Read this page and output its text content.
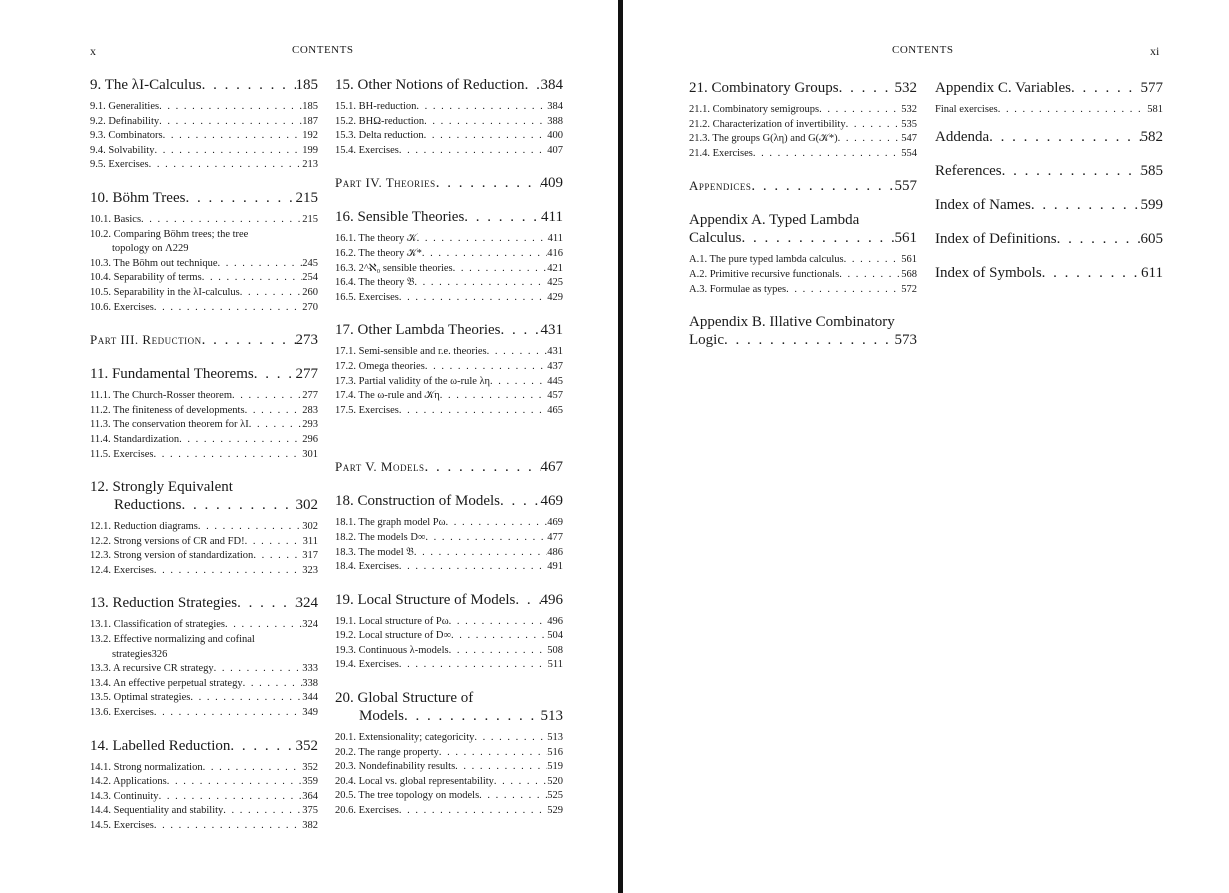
x	CONTENTS
9. The λI-Calculus . . .	185
9.1. Generalities . . .	185
9.2. Definability . . .	187
9.3. Combinators . . .	192
9.4. Solvability . . .	199
9.5. Exercises . . .	213
10. Böhm Trees . . .	215
10.1. Basics . . .	215
10.2. Comparing Böhm trees; the tree
topology on Λ 229
10.3. The Böhm out technique . . .	245
10.4. Separability of terms . . .	254
10.5. Separability in the λI-calculus . . .	260
10.6. Exercises . . .	270
Part III. Reduction . . .	273
11. Fundamental Theorems . . .	277
11.1. The Church-Rosser theorem . . .	277
11.2. The finiteness of developments . . .	283
11.3. The conservation theorem for λI . . .	293
11.4. Standardization . . .	296
11.5. Exercises . . .	301
12. Strongly Equivalent
Reductions . . .	302
12.1. Reduction diagrams . . .	302
12.2. Strong versions of CR and FD! . . .	311
12.3. Strong version of standardization . . .	317
12.4. Exercises . . .	323
13. Reduction Strategies . . .	324
13.1. Classification of strategies . . .	324
13.2. Effective normalizing and cofinal
strategies 326
13.3. A recursive CR strategy . . .	333
13.4. An effective perpetual strategy . . .	338
13.5. Optimal strategies . . .	344
13.6. Exercises . . .	349
14. Labelled Reduction . . .	352
14.1. Strong normalization . . .	352
14.2. Applications . . .	359
14.3. Continuity . . .	364
14.4. Sequentiality and stability . . .	375
14.5. Exercises . . .	382
15. Other Notions of Reduction . . . 384
15.1. BH-reduction . . .	384
15.2. BHΩ-reduction . . .	388
15.3. Delta reduction . . .	400
15.4. Exercises . . .	407
Part IV. Theories . . .	409
16. Sensible Theories . . .	411
16.1. The theory 𝒦 . . .	411
16.2. The theory 𝒦* . . .	416
16.3. 2^ℵ₀ sensible theories . . .	421
16.4. The theory 𝔅 . . .	425
16.5. Exercises . . .	429
17. Other Lambda Theories . . .	431
17.1. Semi-sensible and r.e. theories . . .	431
17.2. Omega theories . . .	437
17.3. Partial validity of the ω-rule λη . . .	445
17.4. The ω-rule and 𝒦η . . .	457
17.5. Exercises . . .	465
Part V. Models . . .	467
18. Construction of Models . . .	469
18.1. The graph model Pω . . .	469
18.2. The models D∞ . . .	477
18.3. The model 𝔅 . . .	486
18.4. Exercises . . .	491
19. Local Structure of Models . . . 496
19.1. Local structure of Pω . . .	496
19.2. Local structure of D∞ . . .	504
19.3. Continuous λ-models . . .	508
19.4. Exercises . . .	511
20. Global Structure of
Models . . .	513
20.1. Extensionality; categoricity . . .	513
20.2. The range property . . .	516
20.3. Nondefinability results . . .	519
20.4. Local vs. global representability . . .	520
20.5. The tree topology on models . . .	525
20.6. Exercises . . .	529
CONTENTS	xi
21. Combinatory Groups . . .	532
21.1. Combinatory semigroups . . .	532
21.2. Characterization of invertibility . . .	535
21.3. The groups G(λη) and G(𝒦*) . . .	547
21.4. Exercises . . .	554
Appendices . . .	557
Appendix A. Typed Lambda
Calculus . . .	561
A.1. The pure typed lambda calculus . . .	561
A.2. Primitive recursive functionals . . .	568
A.3. Formulae as types . . .	572
Appendix B. Illative Combinatory
Logic . . .	573
Appendix C. Variables . . .	577
Final exercises . . .	581
Addenda . . .	582
References . . .	585
Index of Names . . .	599
Index of Definitions . . .	605
Index of Symbols . . .	611
